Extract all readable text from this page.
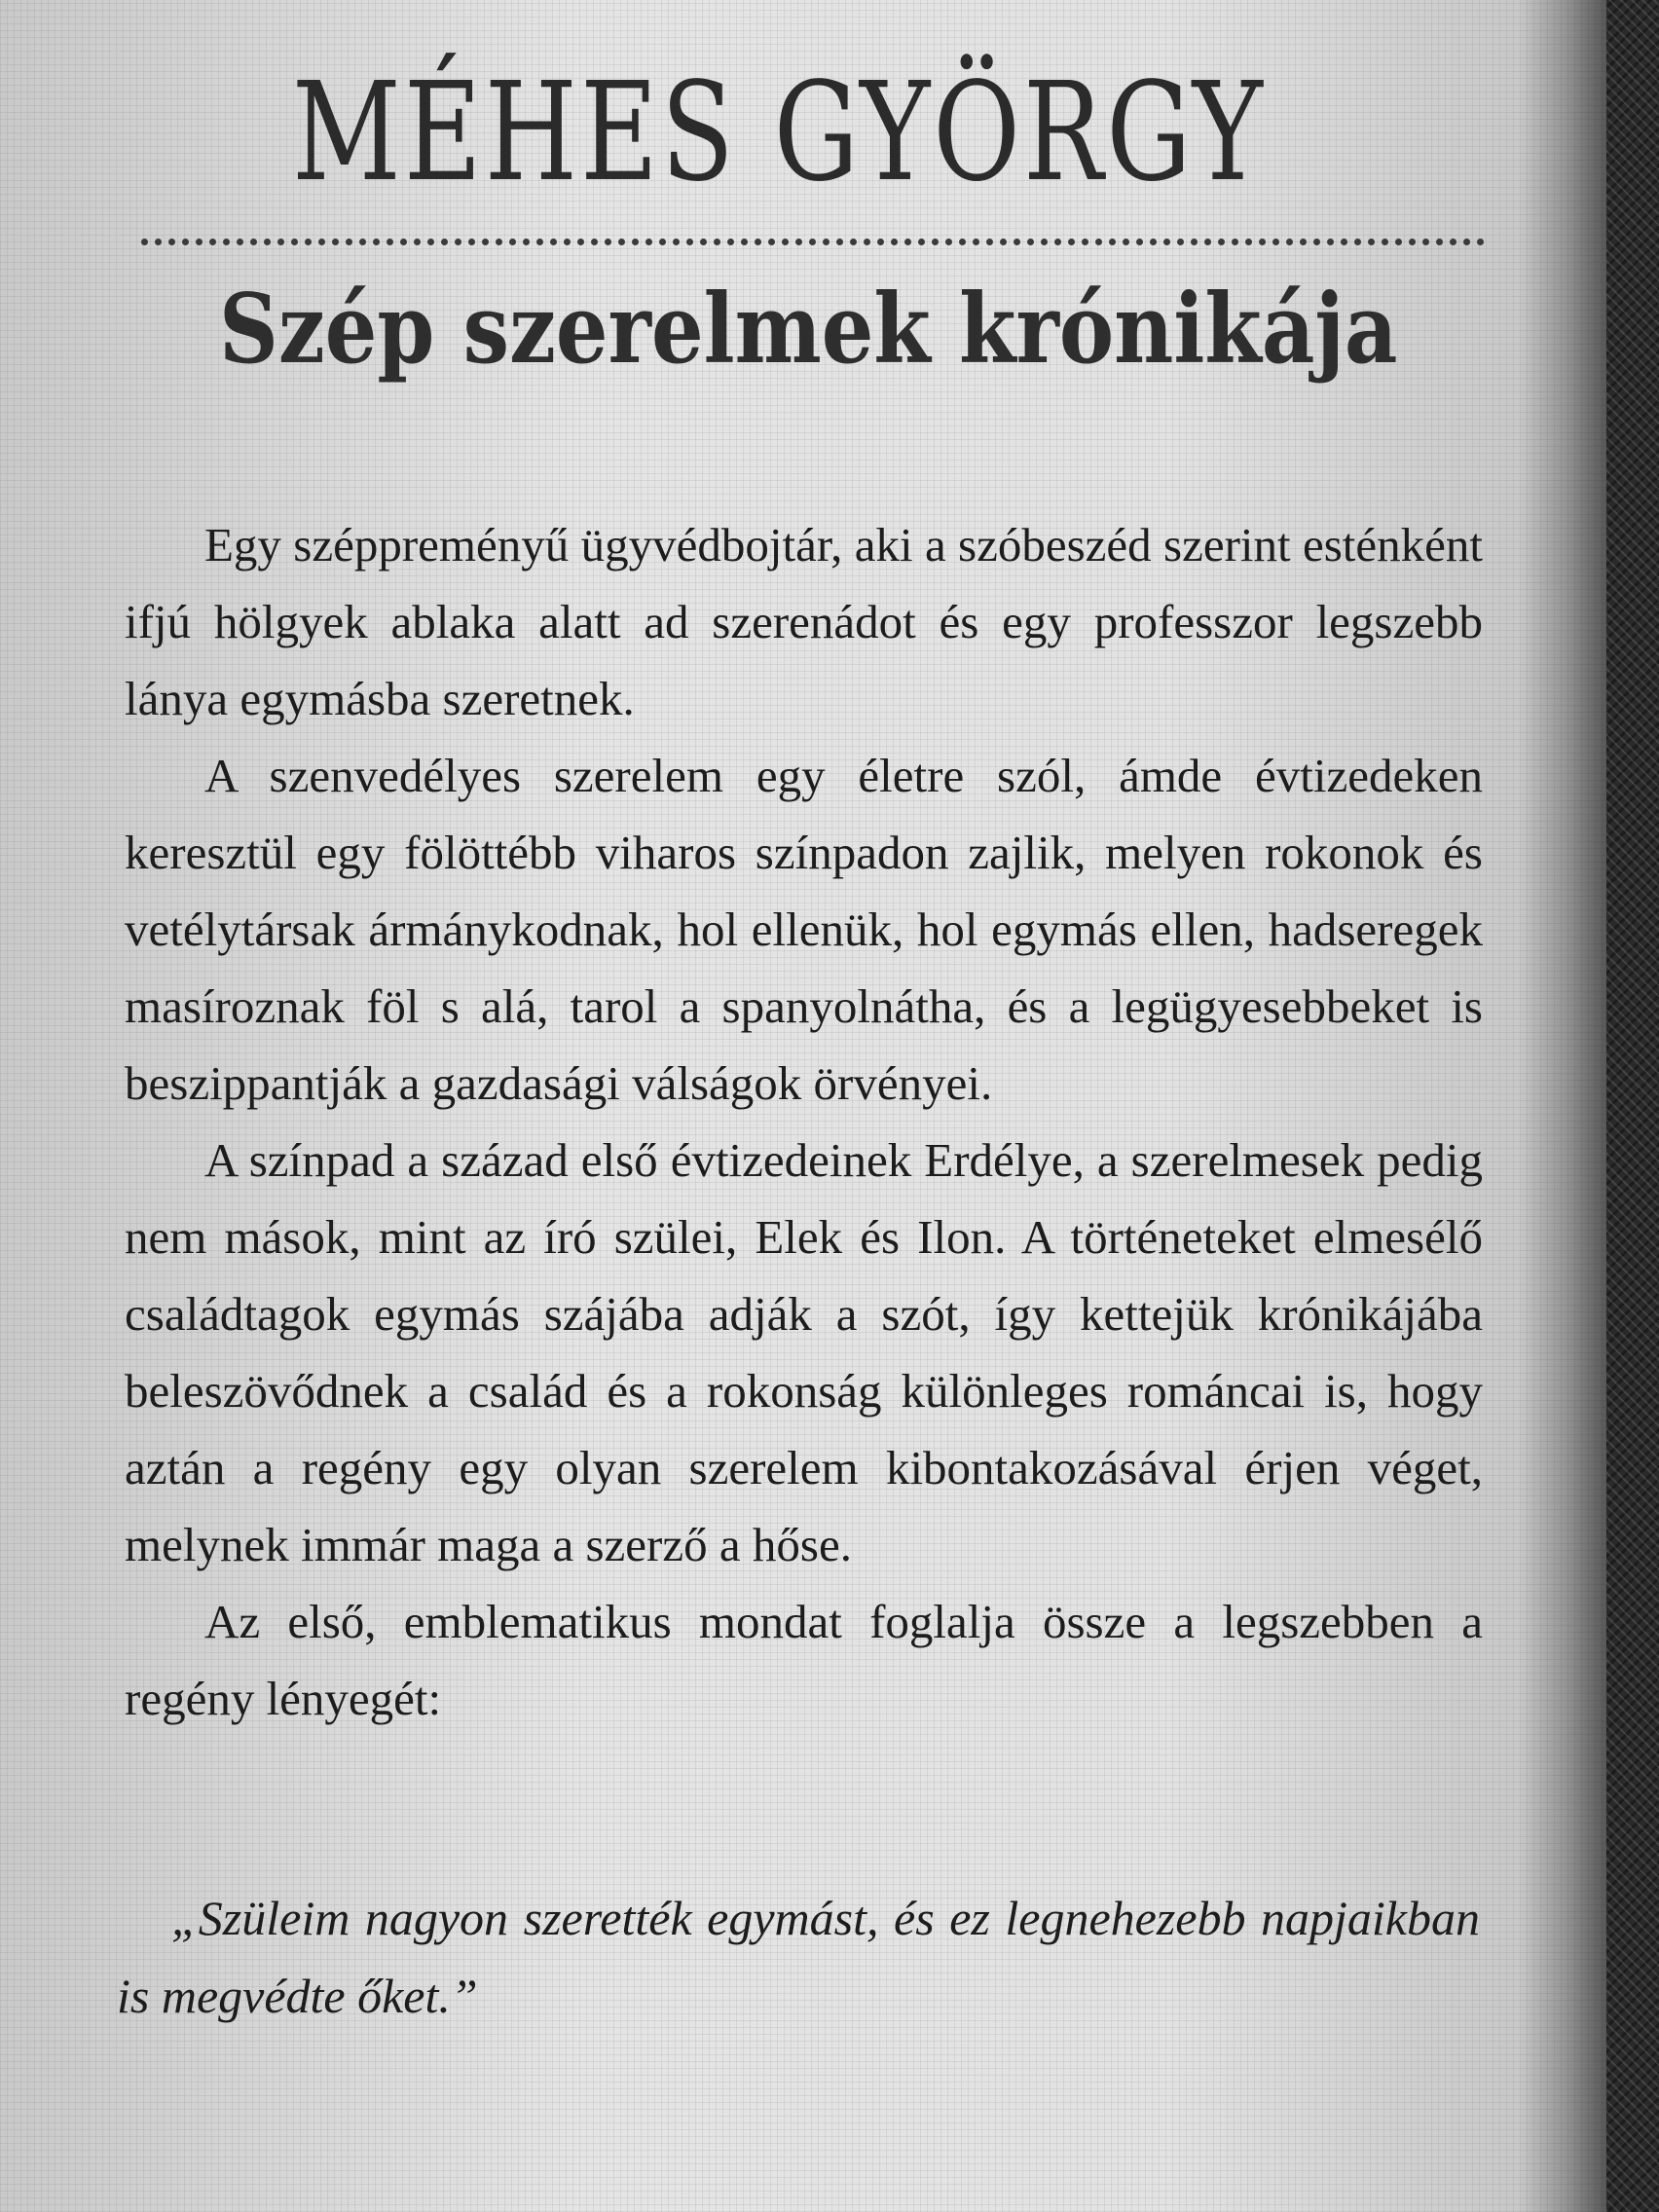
MÉHES GYÖRGY
Szép szerelmek krónikája

Egy széppreményű ügyvédbojtár, aki a szóbeszéd szerint esténként ifjú hölgyek ablaka alatt ad szerenádot és egy professzor legszebb lánya egymásba szeretnek.

A szenvedélyes szerelem egy életre szól, ámde évtizedeken keresztül egy fölöttébb viharos színpadon zajlik, melyen rokonok és vetélytársak ármánykodnak, hol ellenük, hol egymás ellen, hadseregek masíroznak föl s alá, tarol a spanyolnátha, és a legügyesebbeket is beszippantják a gazdasági válságok örvényei.

A színpad a század első évtizedeinek Erdélye, a szerelmesek pedig nem mások, mint az író szülei, Elek és Ilon. A történeteket elmesélő családtagok egymás szájába adják a szót, így kettejük krónikájába beleszövődnek a család és a rokonság különleges románcai is, hogy aztán a regény egy olyan szerelem kibontakozásával érjen véget, melynek immár maga a szerző a hőse.

Az első, emblematikus mondat foglalja össze a legszebben a regény lényegét:

„Szüleim nagyon szerették egymást, és ez legnehezebb napjaikban is megvédte őket.”
